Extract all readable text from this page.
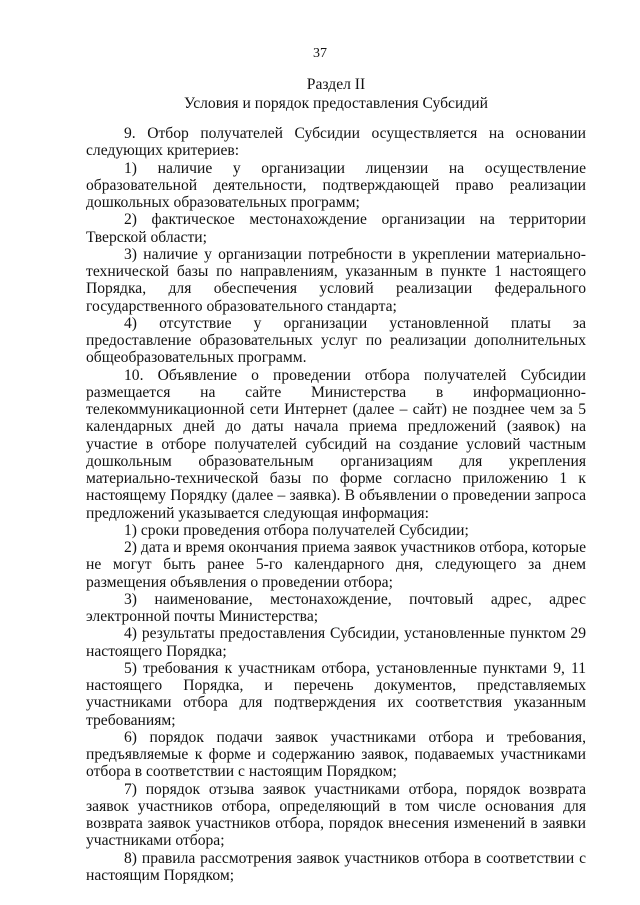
37
Раздел II
Условия и порядок предоставления Субсидий

9. Отбор получателей Субсидии осуществляется на основании следующих критериев:

1) наличие у организации лицензии на осуществление образовательной деятельности, подтверждающей право реализации дошкольных образовательных программ;

2) фактическое местонахождение организации на территории Тверской области;

3) наличие у организации потребности в укреплении материально-технической базы по направлениям, указанным в пункте 1 настоящего Порядка, для обеспечения условий реализации федерального государственного образовательного стандарта;

4) отсутствие у организации установленной платы за предоставление образовательных услуг по реализации дополнительных общеобразовательных программ.

10. Объявление о проведении отбора получателей Субсидии размещается на сайте Министерства в информационно-телекоммуникационной сети Интернет (далее – сайт) не позднее чем за 5 календарных дней до даты начала приема предложений (заявок) на участие в отборе получателей субсидий на создание условий частным дошкольным образовательным организациям для укрепления материально-технической базы по форме согласно приложению 1 к настоящему Порядку (далее – заявка). В объявлении о проведении запроса предложений указывается следующая информация:

1) сроки проведения отбора получателей Субсидии;

2) дата и время окончания приема заявок участников отбора, которые не могут быть ранее 5-го календарного дня, следующего за днем размещения объявления о проведении отбора;

3) наименование, местонахождение, почтовый адрес, адрес электронной почты Министерства;

4) результаты предоставления Субсидии, установленные пунктом 29 настоящего Порядка;

5) требования к участникам отбора, установленные пунктами 9, 11 настоящего Порядка, и перечень документов, представляемых участниками отбора для подтверждения их соответствия указанным требованиям;

6) порядок подачи заявок участниками отбора и требования, предъявляемые к форме и содержанию заявок, подаваемых участниками отбора в соответствии с настоящим Порядком;

7) порядок отзыва заявок участниками отбора, порядок возврата заявок участников отбора, определяющий в том числе основания для возврата заявок участников отбора, порядок внесения изменений в заявки участниками отбора;

8) правила рассмотрения заявок участников отбора в соответствии с настоящим Порядком;
